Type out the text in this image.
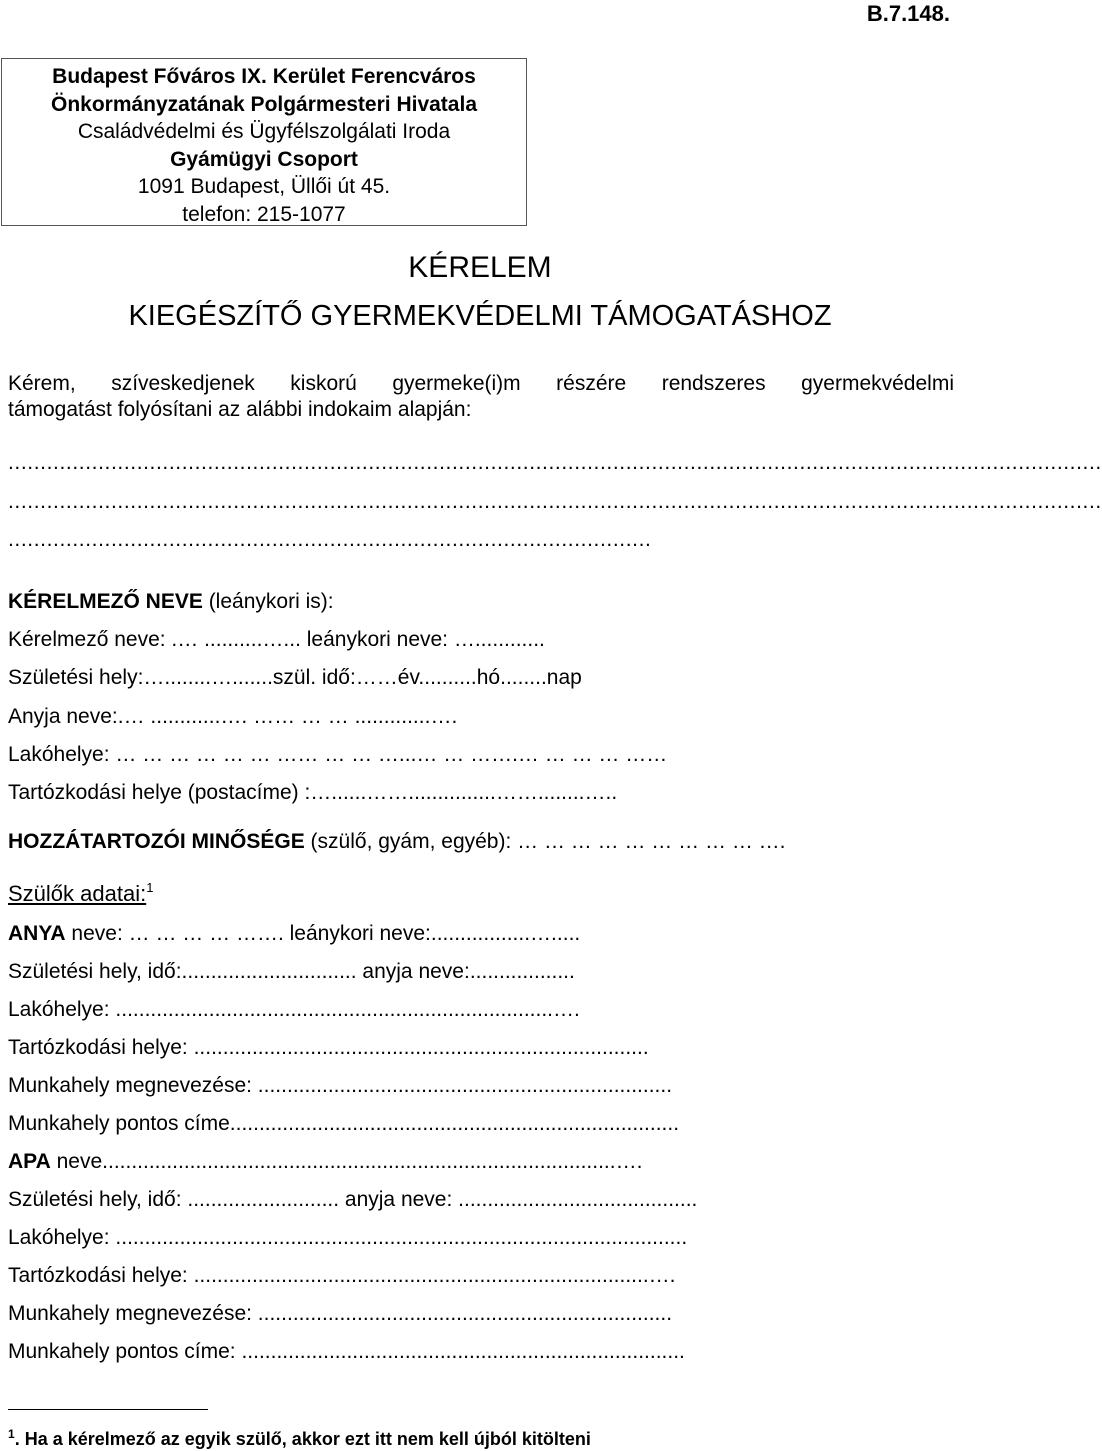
B.7.148.
Budapest Főváros IX. Kerület Ferencváros
Önkormányzatának Polgármesteri Hivatala
Családvédelmi és Ügyfélszolgálati Iroda
Gyámügyi Csoport
1091 Budapest, Üllői út 45.
telefon: 215-1077
KÉRELEM
KIEGÉSZÍTŐ GYERMEKVÉDELMI TÁMOGATÁSHOZ
Kérem, szíveskedjenek kiskorú gyermeke(i)m részére rendszeres gyermekvédelmi
támogatást folyósítani az alábbi indokaim alapján:
..........................................................................................................................................................................
..........................................................................................................................................................................
....................................................................................................
KÉRELMEZŐ NEVE (leánykori is):
Kérelmező neve: .… ..........…... leánykori neve: …............
Születési hely:…........….......szül. idő:……év..........hó........nap
Anyja neve:.… ............…. …… … … .............….
Lakóhelye: … … … … … … …… … … …...… … …….… … … … ……
Tartózkodási helye (postacíme) :…......……...............……........…..
HOZZÁTARTOZÓI MINŐSÉGE (szülő, gyám, egyéb): … … … … … … … … … ….
Szülők adatai:$^1$
ANYA neve: … … … … ……. leánykori neve:.................….....
Születési hely, idő:.............................. anyja neve:..................
Lakóhelye: ...........................................................................….
Tartózkodási helye: ..............................................................................
Munkahely megnevezése: .......................................................................
Munkahely pontos címe.............................................................................
APA neve........................................................................................….
Születési hely, idő: .......................... anyja neve: .........................................
Lakóhelye: ..................................................................................................
Tartózkodási helye: ..............................................................................….
Munkahely megnevezése: .......................................................................
Munkahely pontos címe: ............................................................................
$^1$. Ha a kérelmező az egyik szülő, akkor ezt itt nem kell újból kitölteni
